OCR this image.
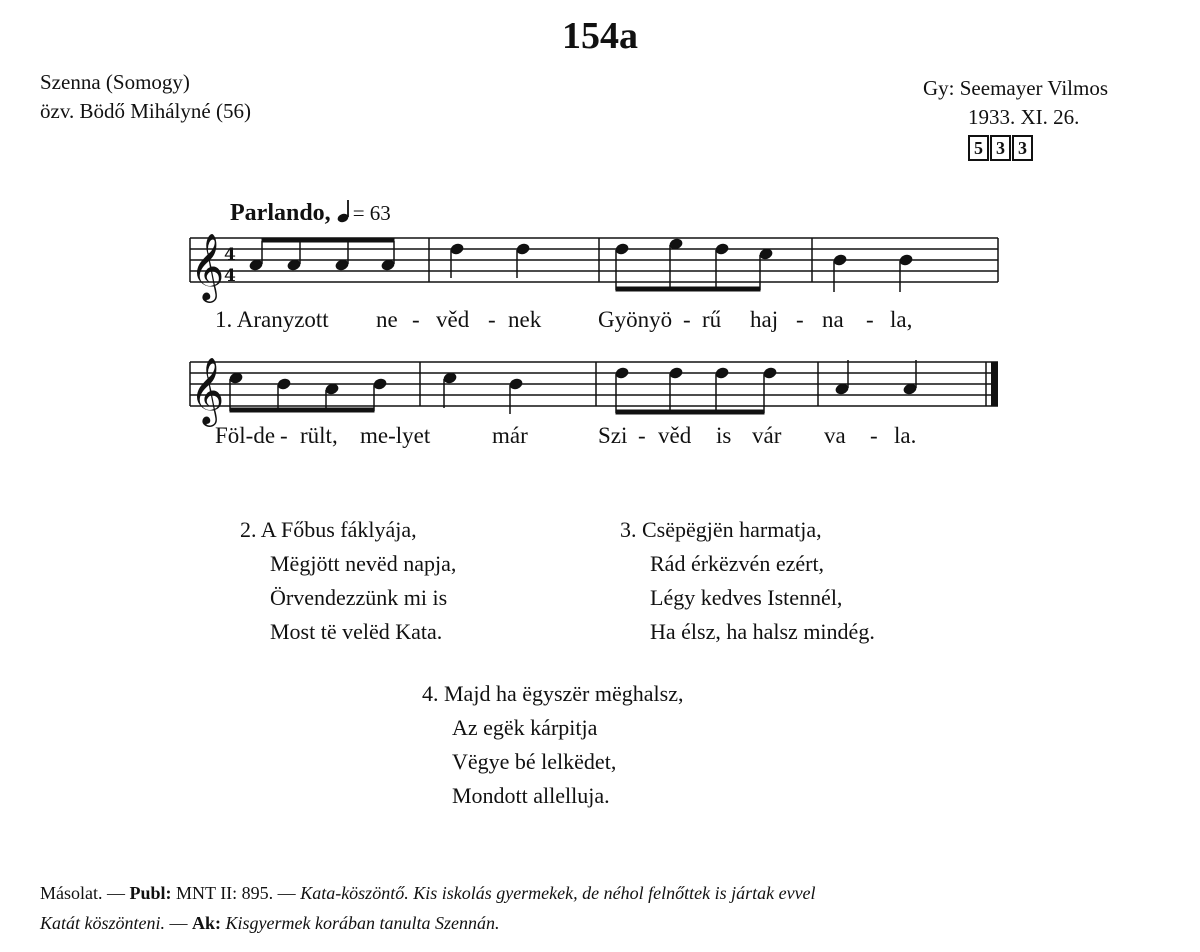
154a
Szenna (Somogy)
özv. Bödő Mihályné (56)
Gy: Seemayer Vilmos
1933. XI. 26.
5 3 3
Parlando, = 63
𝄞 4
4
𝄞
1. Aranyzott ne - věd - nek Gyönyö - rű haj - na - la,
Föl-de - rült, me-lyet	már	Szi - věd is vár va - la.
2. A Főbus fáklyája,
Mëgjött nevëd napja,
Örvendezzünk mi is
Most të velëd Kata.
3. Csëpëgjën harmatja,
Rád érkëzvén ezért,
Légy kedves Istennél,
Ha élsz, ha halsz mindég.
4. Majd ha ëgyszër mëghalsz,
Az egëk kárpitja
Vëgye bé lelkëdet,
Mondott allelluja.
Másolat. — Publ: MNT II: 895. — Kata-köszöntő. Kis iskolás gyermekek, de néhol felnőttek is jártak evvel
Katát köszönteni. — Ak: Kisgyermek korában tanulta Szennán.
